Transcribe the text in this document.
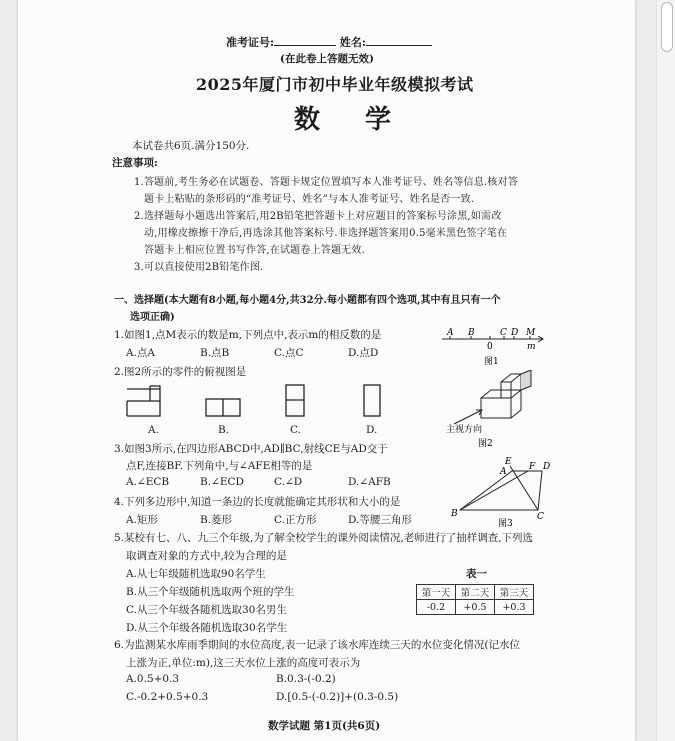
准考证号:	姓名:
(在此卷上答题无效)
2025年厦门市初中毕业年级模拟考试
数 学
本试卷共6页.满分150分.
注意事项:
1.答题前,考生务必在试题卷、答题卡规定位置填写本人准考证号、姓名等信息.核对答
题卡上粘贴的条形码的“准考证号、姓名”与本人准考证号、姓名是否一致.
2.选择题每小题选出答案后,用2B铅笔把答题卡上对应题目的答案标号涂黑,如需改
动,用橡皮擦擦干净后,再选涂其他答案标号.非选择题答案用0.5毫米黑色签字笔在
答题卡上相应位置书写作答,在试题卷上答题无效.
3.可以直接使用2B铅笔作图.
一、选择题(本大题有8小题,每小题4分,共32分.每小题都有四个选项,其中有且只有一个
选项正确)
1.如图1,点M表示的数是m,下列点中,表示m的相反数的是
A.点A	B.点B	C.点C	D.点D
A B	C D M
0	m
图1
2.图2所示的零件的俯视图是
A.	B.	C.	D.	主视方向
图2
3.如图3所示,在四边形ABCD中,AD∥BC,射线CE与AD交于
点F,连接BF.下列角中,与∠AFE相等的是
A.∠ECB	B.∠ECD	C.∠D	D.∠AFB
A
E F D
B	C
图3
4.下列多边形中,知道一条边的长度就能确定其形状和大小的是
A.矩形	B.菱形	C.正方形	D.等腰三角形
5.某校有七、八、九三个年级,为了解全校学生的课外阅读情况,老师进行了抽样调查,下列选
取调查对象的方式中,较为合理的是
A.从七年级随机选取90名学生
B.从三个年级随机选取两个班的学生
C.从三个年级各随机选取30名男生
D.从三个年级各随机选取30名学生
表一
第一天	第二天	第三天
-0.2	+0.5	+0.3
6.为监测某水库雨季期间的水位高度,表一记录了该水库连续三天的水位变化情况(记水位
上涨为正,单位:m),这三天水位上涨的高度可表示为
A.0.5+0.3	B.0.3-(-0.2)
C.-0.2+0.5+0.3	D.[0.5-(-0.2)]+(0.3-0.5)
数学试题 第1页(共6页)
